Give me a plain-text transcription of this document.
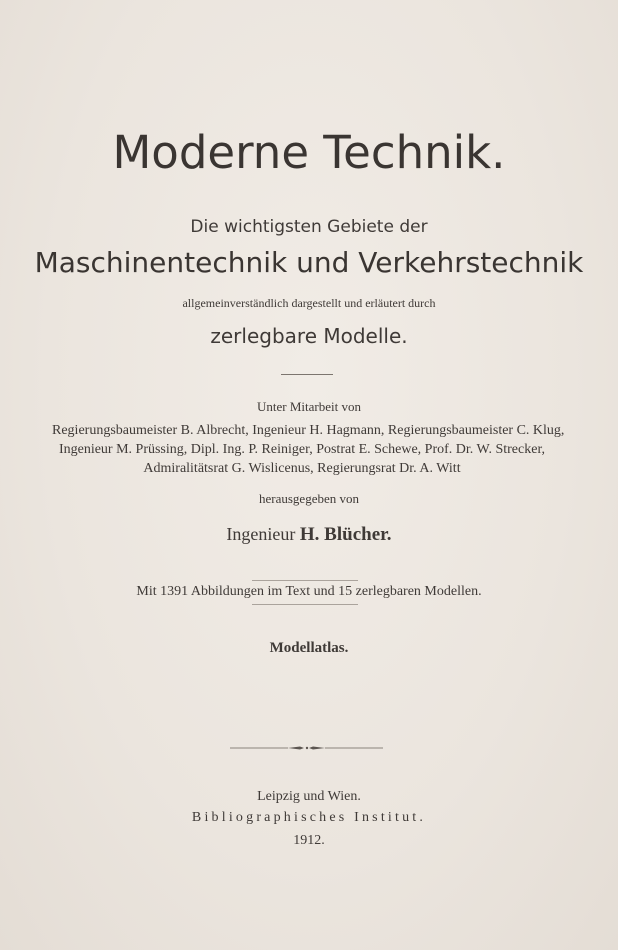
Moderne Technik.
Die wichtigsten Gebiete der
Maschinentechnik und Verkehrstechnik
allgemeinverständlich dargestellt und erläutert durch
zerlegbare Modelle.
Unter Mitarbeit von
Regierungsbaumeister B. Albrecht, Ingenieur H. Hagmann, Regierungsbaumeister C. Klug,
Ingenieur M. Prüssing, Dipl. Ing. P. Reiniger, Postrat E. Schewe, Prof. Dr. W. Strecker,
Admiralitätsrat G. Wislicenus, Regierungsrat Dr. A. Witt
herausgegeben von
Ingenieur H. Blücher.
Mit 1391 Abbildungen im Text und 15 zerlegbaren Modellen.
Modellatlas.
Leipzig und Wien.
Bibliographisches Institut.
1912.
